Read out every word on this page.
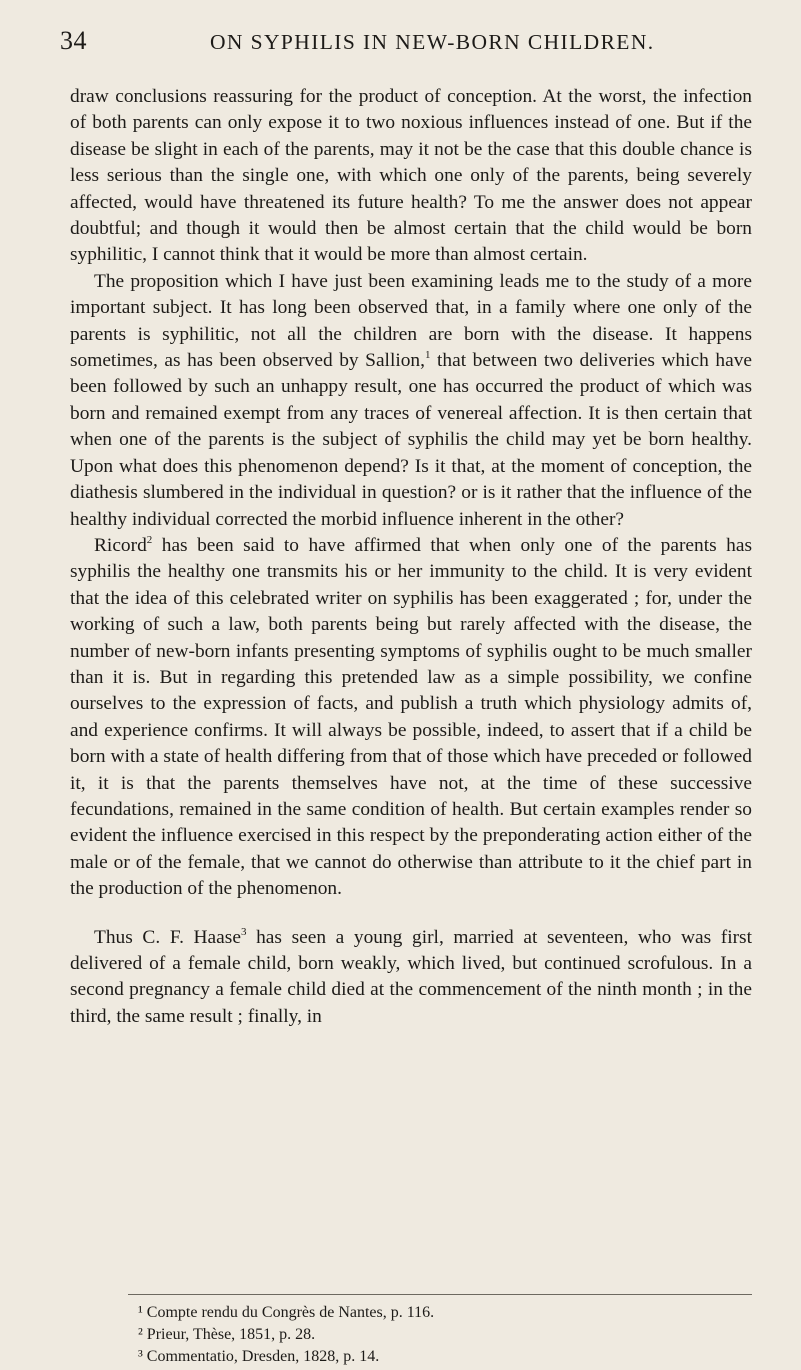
34	ON SYPHILIS IN NEW-BORN CHILDREN.

draw conclusions reassuring for the product of conception. At the worst, the infection of both parents can only expose it to two noxious influences instead of one. But if the disease be slight in each of the parents, may it not be the case that this double chance is less serious than the single one, with which one only of the parents, being severely affected, would have threatened its future health? To me the answer does not appear doubtful; and though it would then be almost certain that the child would be born syphilitic, I cannot think that it would be more than almost certain.

The proposition which I have just been examining leads me to the study of a more important subject. It has long been observed that, in a family where one only of the parents is syphilitic, not all the children are born with the disease. It happens sometimes, as has been observed by Sallion,$^1$ that between two deliveries which have been followed by such an unhappy result, one has occurred the product of which was born and remained exempt from any traces of venereal affection. It is then certain that when one of the parents is the subject of syphilis the child may yet be born healthy. Upon what does this phenomenon depend? Is it that, at the moment of conception, the diathesis slumbered in the individual in question? or is it rather that the influence of the healthy individual corrected the morbid influence inherent in the other?

Ricord$^2$ has been said to have affirmed that when only one of the parents has syphilis the healthy one transmits his or her immunity to the child. It is very evident that the idea of this celebrated writer on syphilis has been exaggerated ; for, under the working of such a law, both parents being but rarely affected with the disease, the number of new-born infants presenting symptoms of syphilis ought to be much smaller than it is. But in regarding this pretended law as a simple possibility, we confine ourselves to the expression of facts, and publish a truth which physiology admits of, and experience confirms. It will always be possible, indeed, to assert that if a child be born with a state of health differing from that of those which have preceded or followed it, it is that the parents themselves have not, at the time of these successive fecundations, remained in the same condition of health. But certain examples render so evident the influence exercised in this respect by the preponderating action either of the male or of the female, that we cannot do otherwise than attribute to it the chief part in the production of the phenomenon.

Thus C. F. Haase$^3$ has seen a young girl, married at seventeen, who was first delivered of a female child, born weakly, which lived, but continued scrofulous. In a second pregnancy a female child died at the commencement of the ninth month ; in the third, the same result ; finally, in

¹ Compte rendu du Congrès de Nantes, p. 116.

² Prieur, Thèse, 1851, p. 28.

³ Commentatio, Dresden, 1828, p. 14.
